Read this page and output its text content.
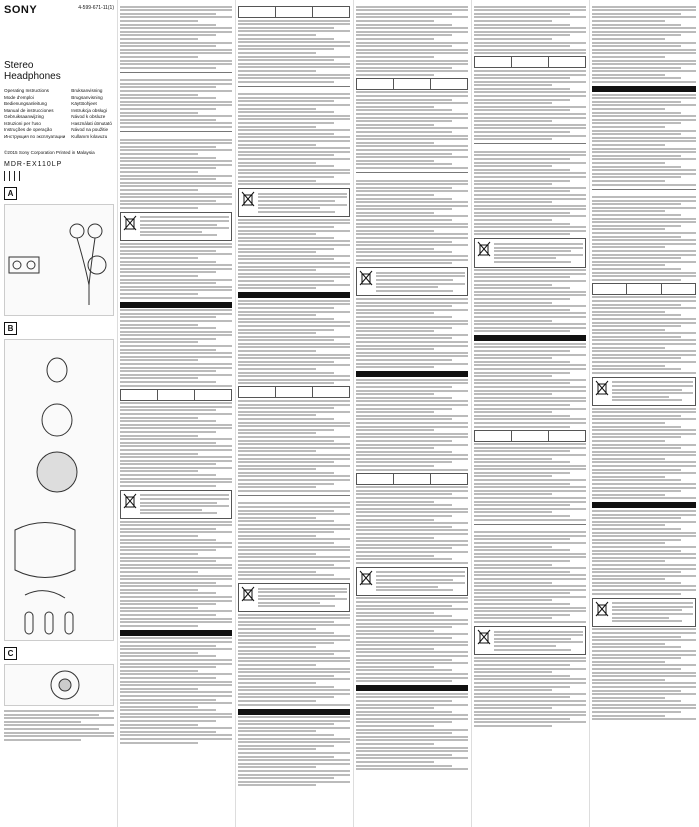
SONY	4-599-671-11(1)
Stereo
Headphones
Operating Instructions
Mode d'emploi
Bedienungsanleitung
Manual de instrucciones
Gebruiksaanwijzing
Istruzioni per l'uso
Instruções de operação
Инструкция по эксплуатации
Bruksanvisning
Brugsanvisning
Käyttöohjeet
Instrukcja obsługi
Návod k obsluze
Használati útmutató
Návod na použitie
Kullanım kılavuzu
©2015 Sony Corporation Printed in Malaysia
MDR-EX110LP
A
B
C
